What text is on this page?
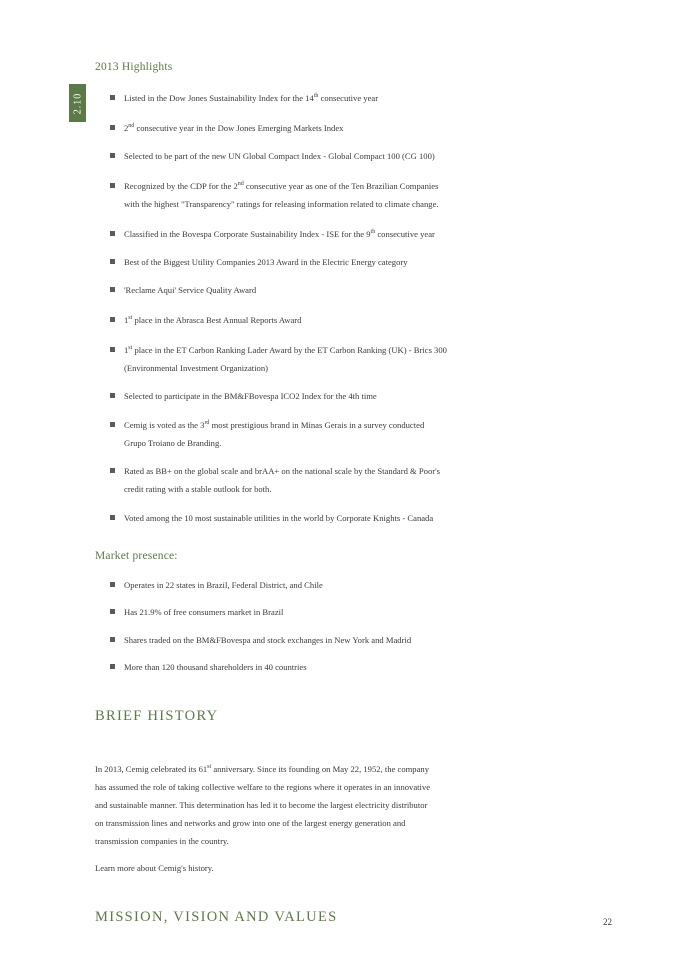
2.10
2013 Highlights
Listed in the Dow Jones Sustainability Index for the 14th consecutive year
2nd consecutive year in the Dow Jones Emerging Markets Index
Selected to be part of the new UN Global Compact Index - Global Compact 100 (CG 100)
Recognized by the CDP for the 2nd consecutive year as one of the Ten Brazilian Companies
with the highest "Transparency" ratings for releasing information related to climate change.
Classified in the Bovespa Corporate Sustainability Index - ISE for the 9th consecutive year
Best of the Biggest Utility Companies 2013 Award in the Electric Energy category
'Reclame Aqui' Service Quality Award
1st place in the Abrasca Best Annual Reports Award
1st place in the ET Carbon Ranking Lader Award by the ET Carbon Ranking (UK) - Brics 300
(Environmental Investment Organization)
Selected to participate in the BM&FBovespa ICO2 Index for the 4th time
Cemig is voted as the 3rd most prestigious brand in Minas Gerais in a survey conducted
Grupo Troiano de Branding.
Rated as BB+ on the global scale and brAA+ on the national scale by the Standard & Poor's
credit rating with a stable outlook for both.
Voted among the 10 most sustainable utilities in the world by Corporate Knights - Canada
Market presence:
Operates in 22 states in Brazil, Federal District, and Chile
Has 21.9% of free consumers market in Brazil
Shares traded on the BM&FBovespa and stock exchanges in New York and Madrid
More than 120 thousand shareholders in 40 countries
BRIEF HISTORY
In 2013, Cemig celebrated its 61st anniversary. Since its founding on May 22, 1952, the company
has assumed the role of taking collective welfare to the regions where it operates in an innovative
and sustainable manner. This determination has led it to become the largest electricity distributor
on transmission lines and networks and grow into one of the largest energy generation and
transmission companies in the country.
Learn more about Cemig's history.
MISSION, VISION AND VALUES	22
